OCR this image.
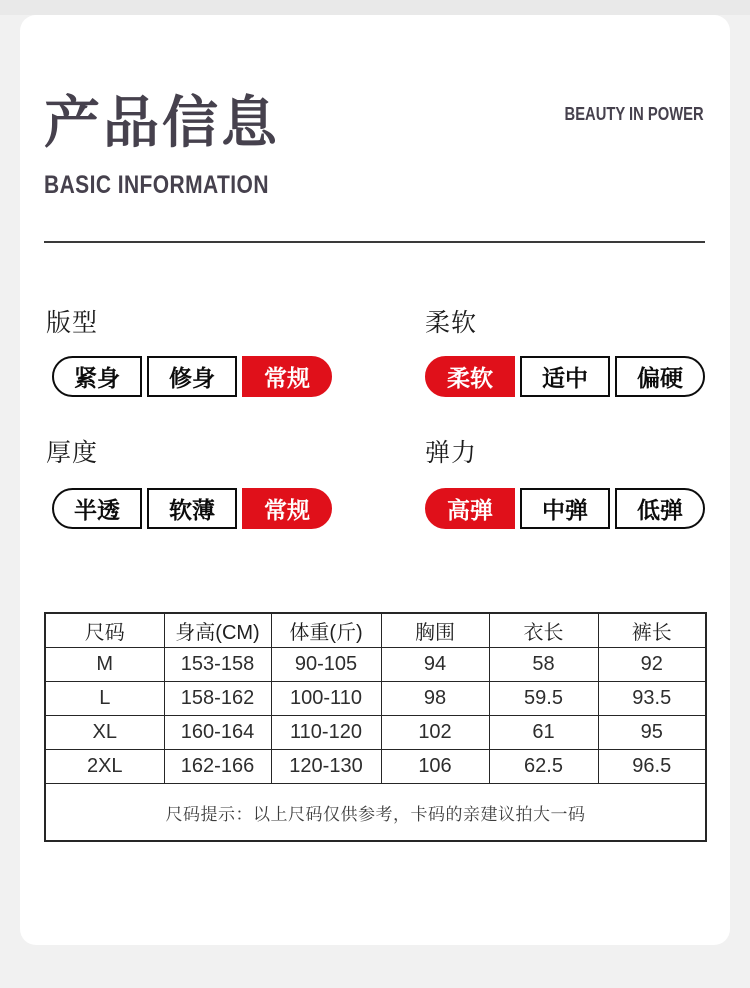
产品信息	BEAUTY IN POWER
BASIC INFORMATION
版型
紧身	修身	常规
柔软
柔软	适中	偏硬
厚度
半透	软薄	常规
弹力
高弹	中弹	低弹
尺码	身高(CM)	体重(斤)	胸围	衣长	裤长
M	153-158	90-105	94	58	92
L	158-162	100-110	98	59.5	93.5
XL	160-164	110-120	102	61	95
2XL	162-166	120-130	106	62.5	96.5
尺码提示：以上尺码仅供参考，卡码的亲建议拍大一码					
